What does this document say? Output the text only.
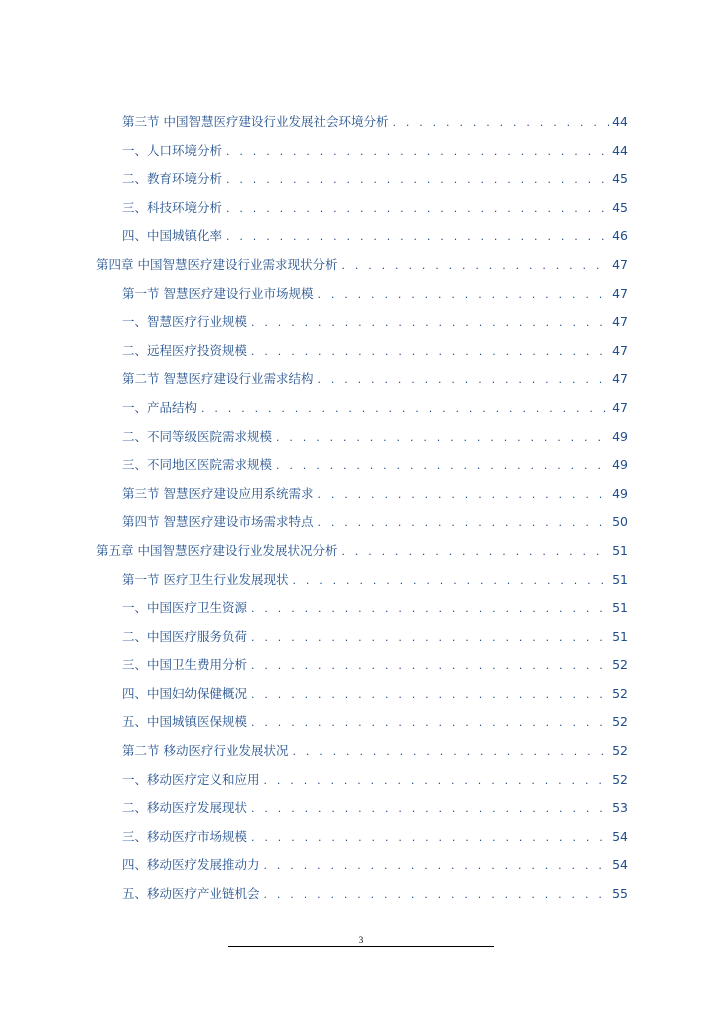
第三节 中国智慧医疗建设行业发展社会环境分析 . . .	44
一、人口环境分析 . . .	44
二、教育环境分析 . . .	45
三、科技环境分析 . . .	45
四、中国城镇化率 . . .	46
第四章 中国智慧医疗建设行业需求现状分析 . . .	47
第一节 智慧医疗建设行业市场规模 . . .	47
一、智慧医疗行业规模 . . .	47
二、远程医疗投资规模 . . .	47
第二节 智慧医疗建设行业需求结构 . . .	47
一、产品结构 . . .	47
二、不同等级医院需求规模 . . .	49
三、不同地区医院需求规模 . . .	49
第三节 智慧医疗建设应用系统需求 . . .	49
第四节 智慧医疗建设市场需求特点 . . .	50
第五章 中国智慧医疗建设行业发展状况分析 . . .	51
第一节 医疗卫生行业发展现状 . . .	51
一、中国医疗卫生资源 . . .	51
二、中国医疗服务负荷 . . .	51
三、中国卫生费用分析 . . .	52
四、中国妇幼保健概况 . . .	52
五、中国城镇医保规模 . . .	52
第二节 移动医疗行业发展状况 . . .	52
一、移动医疗定义和应用 . . .	52
二、移动医疗发展现状 . . .	53
三、移动医疗市场规模 . . .	54
四、移动医疗发展推动力 . . .	54
五、移动医疗产业链机会 . . .	55
3
